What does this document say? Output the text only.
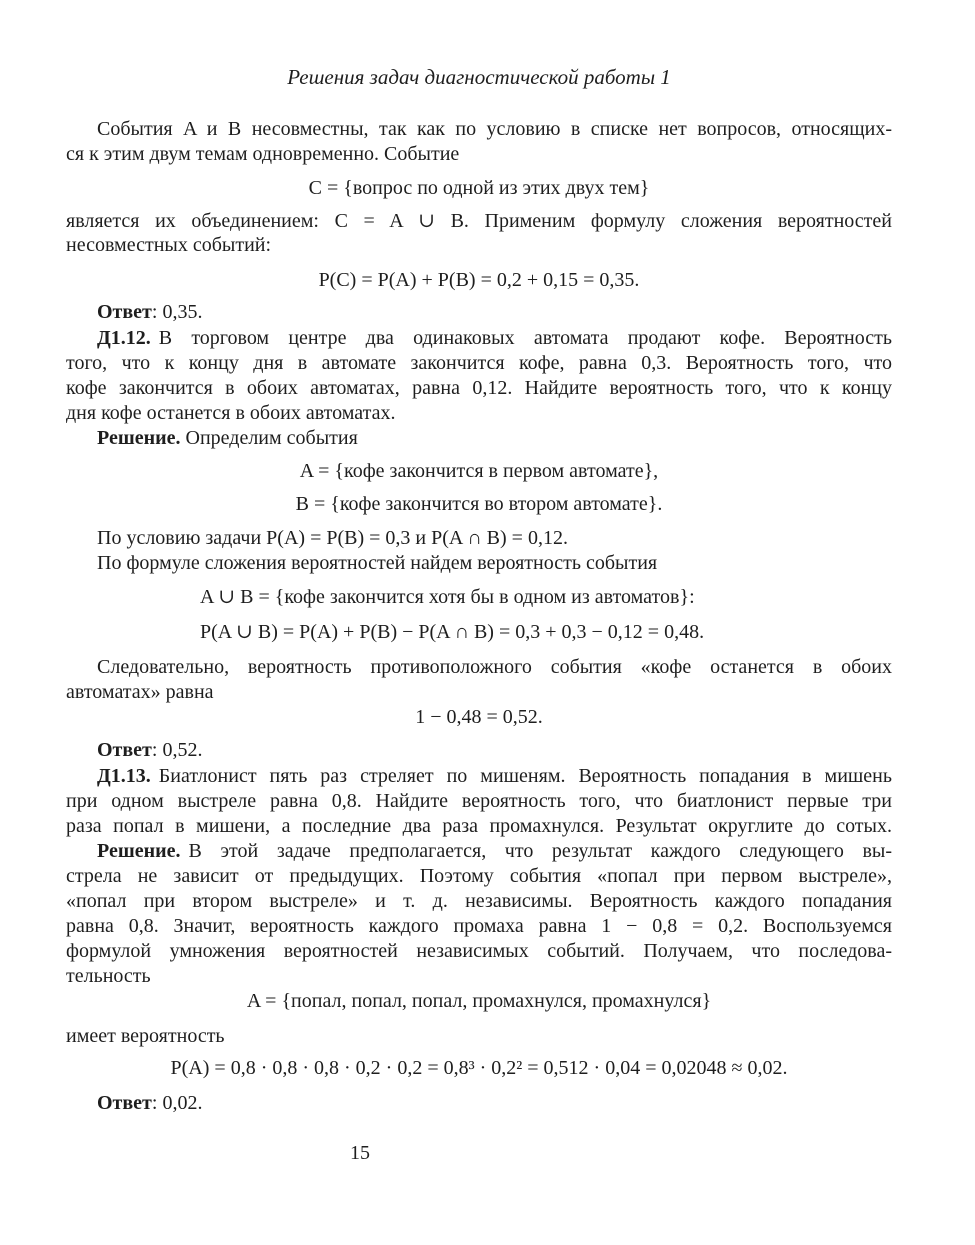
Решения задач диагностической работы 1
События A и B несовместны, так как по условию в списке нет вопросов, относящих-
ся к этим двум темам одновременно. Событие
C = {вопрос по одной из этих двух тем}
является их объединением: C = A ∪ B. Применим формулу сложения вероятностей
несовместных событий:
P(C) = P(A) + P(B) = 0,2 + 0,15 = 0,35.
Ответ: 0,35.
Д1.12. В торговом центре два одинаковых автомата продают кофе. Вероятность
того, что к концу дня в автомате закончится кофе, равна 0,3. Вероятность того, что
кофе закончится в обоих автоматах, равна 0,12. Найдите вероятность того, что к концу
дня кофе останется в обоих автоматах.
Решение. Определим события
A = {кофе закончится в первом автомате},
B = {кофе закончится во втором автомате}.
По условию задачи P(A) = P(B) = 0,3 и P(A ∩ B) = 0,12.
По формуле сложения вероятностей найдем вероятность события
A ∪ B = {кофе закончится хотя бы в одном из автоматов}:
P(A ∪ B) = P(A) + P(B) − P(A ∩ B) = 0,3 + 0,3 − 0,12 = 0,48.
Следовательно, вероятность противоположного события «кофе останется в обоих
автоматах» равна
1 − 0,48 = 0,52.
Ответ: 0,52.
Д1.13. Биатлонист пять раз стреляет по мишеням. Вероятность попадания в мишень
при одном выстреле равна 0,8. Найдите вероятность того, что биатлонист первые три
раза попал в мишени, а последние два раза промахнулся. Результат округлите до сотых.
Решение. В этой задаче предполагается, что результат каждого следующего вы-
стрела не зависит от предыдущих. Поэтому события «попал при первом выстреле»,
«попал при втором выстреле» и т. д. независимы. Вероятность каждого попадания
равна 0,8. Значит, вероятность каждого промаха равна 1 − 0,8 = 0,2. Воспользуемся
формулой умножения вероятностей независимых событий. Получаем, что последова-
тельность
A = {попал, попал, попал, промахнулся, промахнулся}
имеет вероятность
P(A) = 0,8 · 0,8 · 0,8 · 0,2 · 0,2 = 0,8³ · 0,2² = 0,512 · 0,04 = 0,02048 ≈ 0,02.
Ответ: 0,02.
15
